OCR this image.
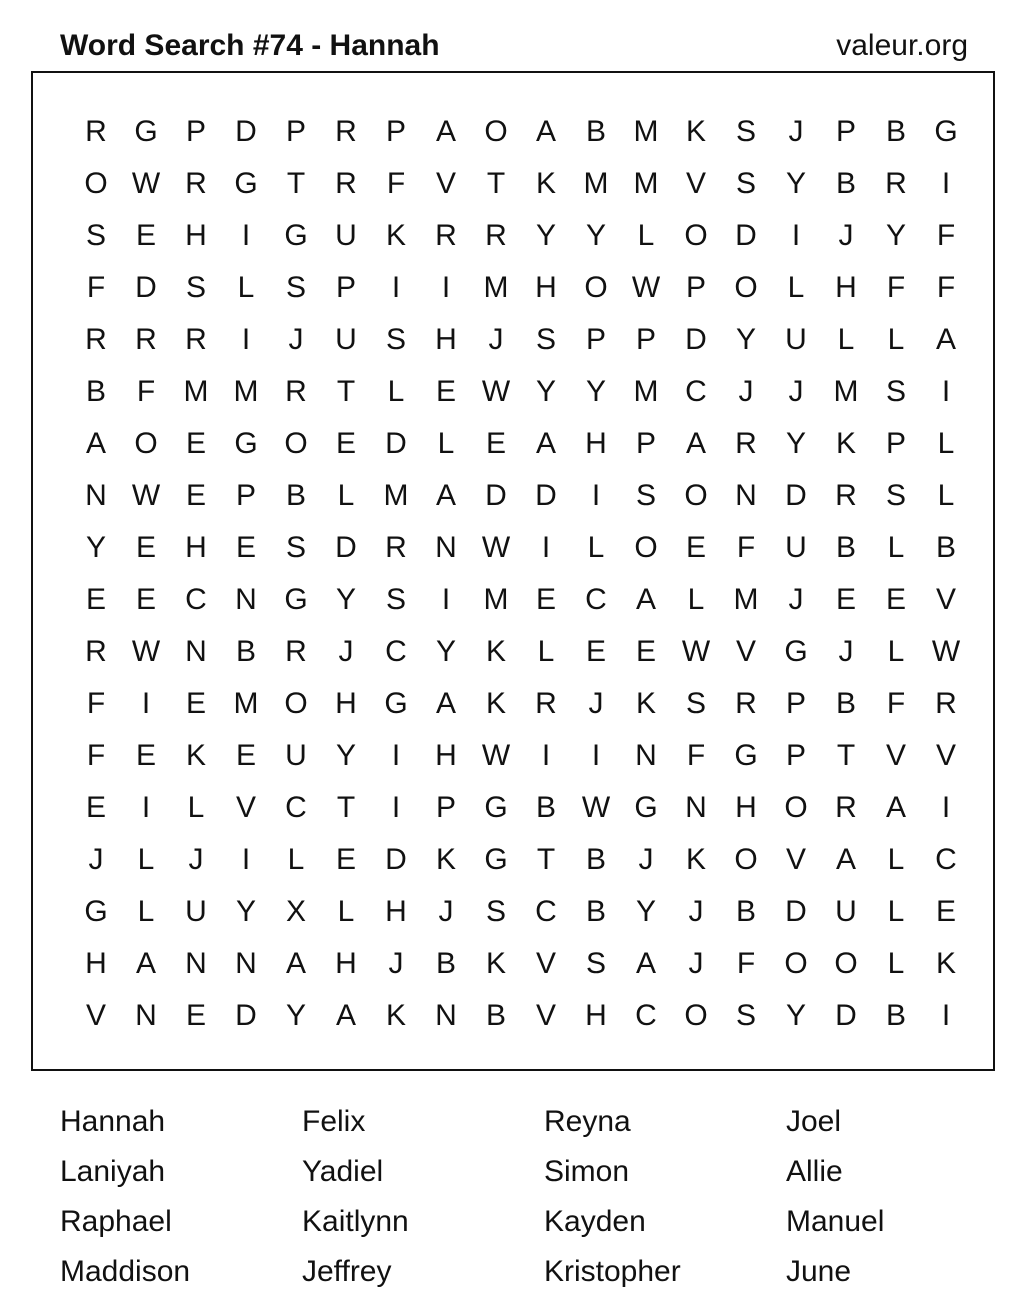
Word Search #74 - Hannah	valeur.org
R G P D P R P A O A B M K S	J	P B G
O W R G T	R	F	V	T	K M M V S Y B R	I
S E H	I	G U K R R Y Y	L O D	I	J	Y	F
F	D S	L	S P	I	I	M H O W P O L	H	F	F
R R R	I	J	U S H	J	S P P D Y U	L	L	A
B	F M M R	T	L	E W Y Y M C	J	J	M S	I
A O E G O E D	L	E A H P A R Y K P	L
N W E P B	L M A D D	I	S O N D R S	L
Y E H E S D R N W	I	L O E	F	U B	L	B
E E C N G Y S	I	M E C A	L M	J	E E V
R W N B R	J	C Y K	L	E E W V G	J	L W
F	I	E M O H G A K R	J	K S R P B	F	R
F	E K E U Y	I	H W	I	I	N	F G P	T	V V
E	I	L	V C	T	I	P G B W G N H O R A	I
J	L	J	I	L	E D K G T	B	J	K O V A	L	C
G L	U Y X	L	H	J	S C B Y	J	B D U	L	E
H A N N A H	J	B K V S A	J	F O O L	K
V N E D Y A K N B V H C O S Y D B	I
Hannah	Felix	Reyna	Joel
Laniyah	Yadiel	Simon	Allie
Raphael	Kaitlynn	Kayden	Manuel
Maddison	Jeffrey	Kristopher	June
